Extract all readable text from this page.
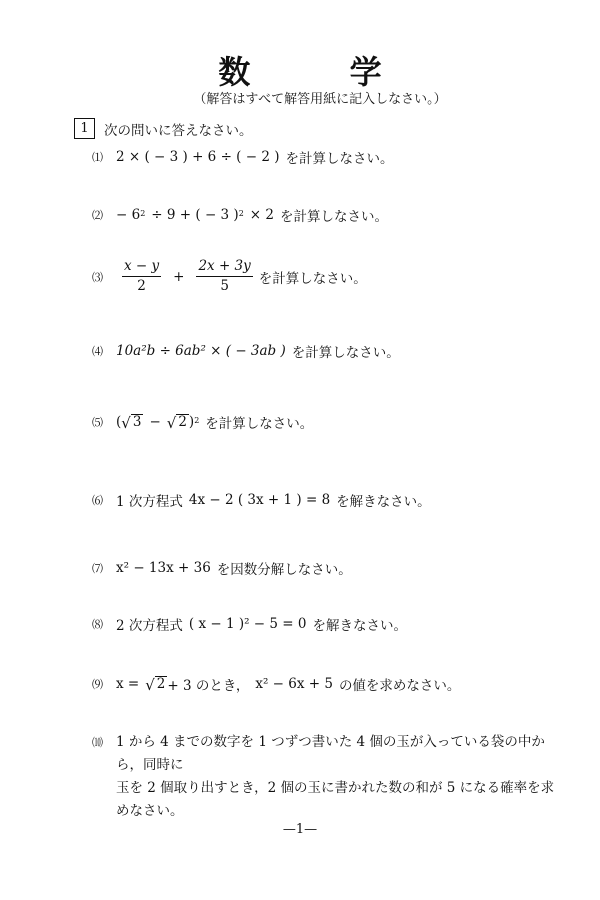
数 学
（解答はすべて解答用紙に記入しなさい。）
1	次の問いに答えなさい。
⑴ 2 × ( − 3 ) + 6 ÷ ( − 2 ) を計算しなさい。
⑵ − $6^2 \div 9$ + ( − 3 )$^2$ × 2 を計算しなさい。
⑶	$\frac{x - y}{2} + \frac{2x + 3y}{5}$ を計算しなさい。
⑷ 10a²b ÷ 6ab² × ( − 3ab ) を計算しなさい。
⑸ ( √ 3 − √ 2 )$^2$ を計算しなさい。
⑹ 1 次方程式 4x − 2 ( 3x + 1 ) = 8 を解きなさい。
⑺ x² − 13x + 36 を因数分解しなさい。
⑻ 2 次方程式 ( x − 1 )² − 5 = 0 を解きなさい。
⑼ x = √ 2 + 3 のとき， x² − 6x + 5 の値を求めなさい。
⑽ 1 から 4 までの数字を 1 つずつ書いた 4 個の玉が入っている袋の中から，同時に
玉を 2 個取り出すとき，2 個の玉に書かれた数の和が 5 になる確率を求めなさい。
—1—
